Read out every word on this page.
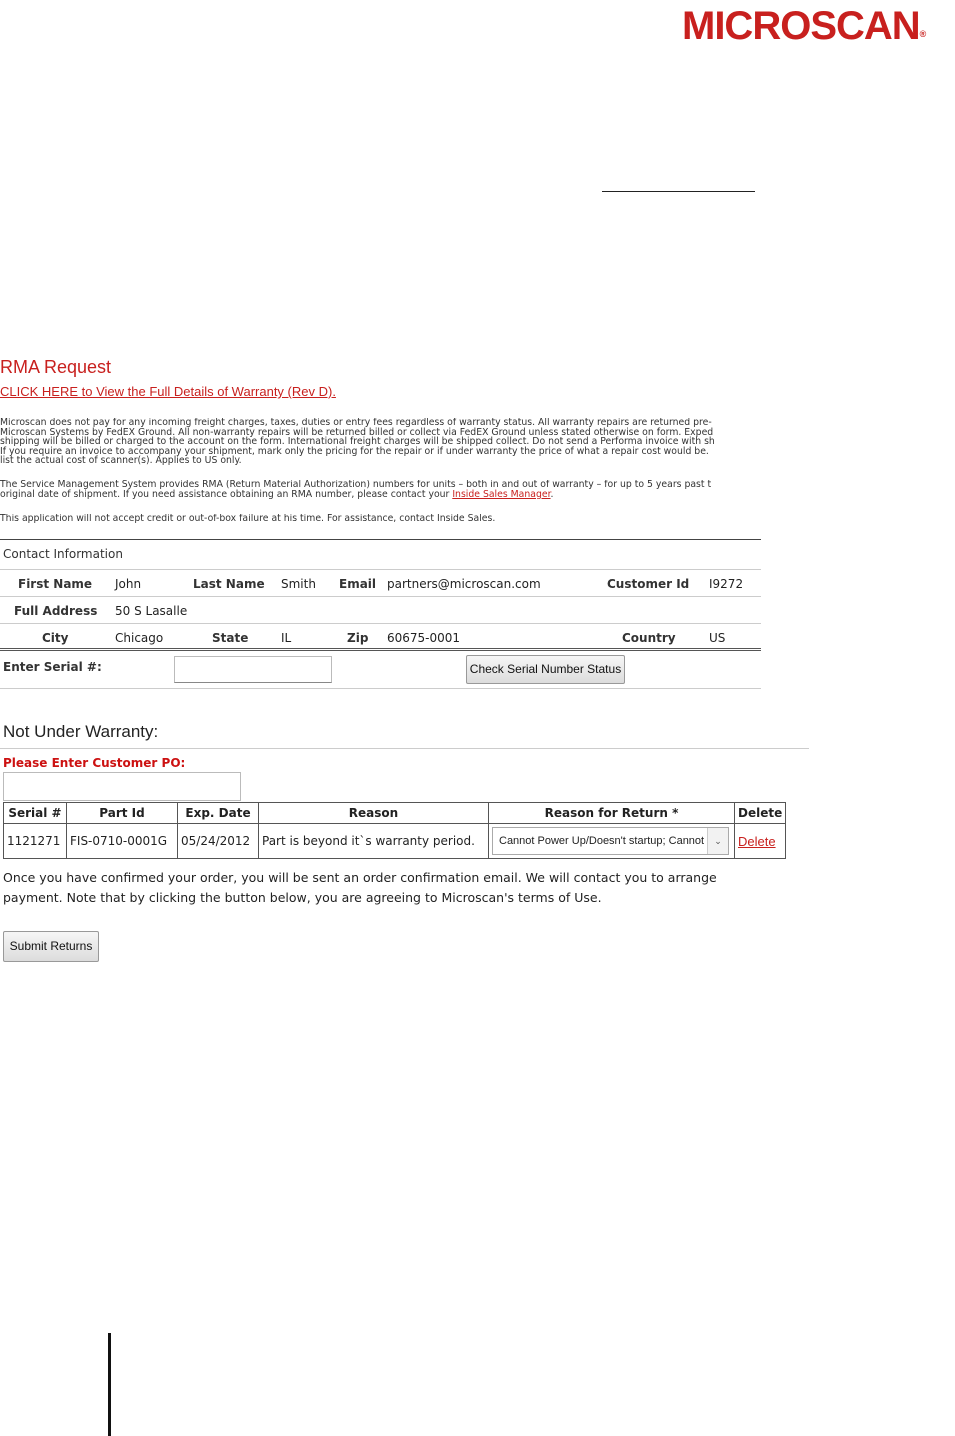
MICROSCAN®
RMA Request
CLICK HERE to View the Full Details of Warranty (Rev D).
Microscan does not pay for any incoming freight charges, taxes, duties or entry fees regardless of warranty status. All warranty repairs are returned pre-
Microscan Systems by FedEX Ground. All non-warranty repairs will be returned billed or collect via FedEX Ground unless stated otherwise on form. Exped
shipping will be billed or charged to the account on the form. International freight charges will be shipped collect. Do not send a Performa invoice with sh
If you require an invoice to accompany your shipment, mark only the pricing for the repair or if under warranty the price of what a repair cost would be.
list the actual cost of scanner(s). Applies to US only.
The Service Management System provides RMA (Return Material Authorization) numbers for units – both in and out of warranty – for up to 5 years past t
original date of shipment. If you need assistance obtaining an RMA number, please contact your Inside Sales Manager.
This application will not accept credit or out-of-box failure at his time. For assistance, contact Inside Sales.
Contact Information
First Name John	Last Name Smith Email partners@microscan.com	Customer Id I9272
Full Address 50 S Lasalle
City	Chicago	State	IL	Zip 60675-0001	Country	US
Enter Serial #:	Check Serial Number Status
Not Under Warranty:
Please Enter Customer PO:
Serial #	Part Id	Exp. Date	Reason	Reason for Return *	Delete
1121271	FIS-0710-0001G	05/24/2012	Part is beyond it`s warranty period.	Cannot Power Up/Doesn't startup; Cannot ⌄	Delete
Once you have confirmed your order, you will be sent an order confirmation email. We will contact you to arrange payment. Note that by clicking the button below, you are agreeing to Microscan's terms of Use.
Submit Returns
